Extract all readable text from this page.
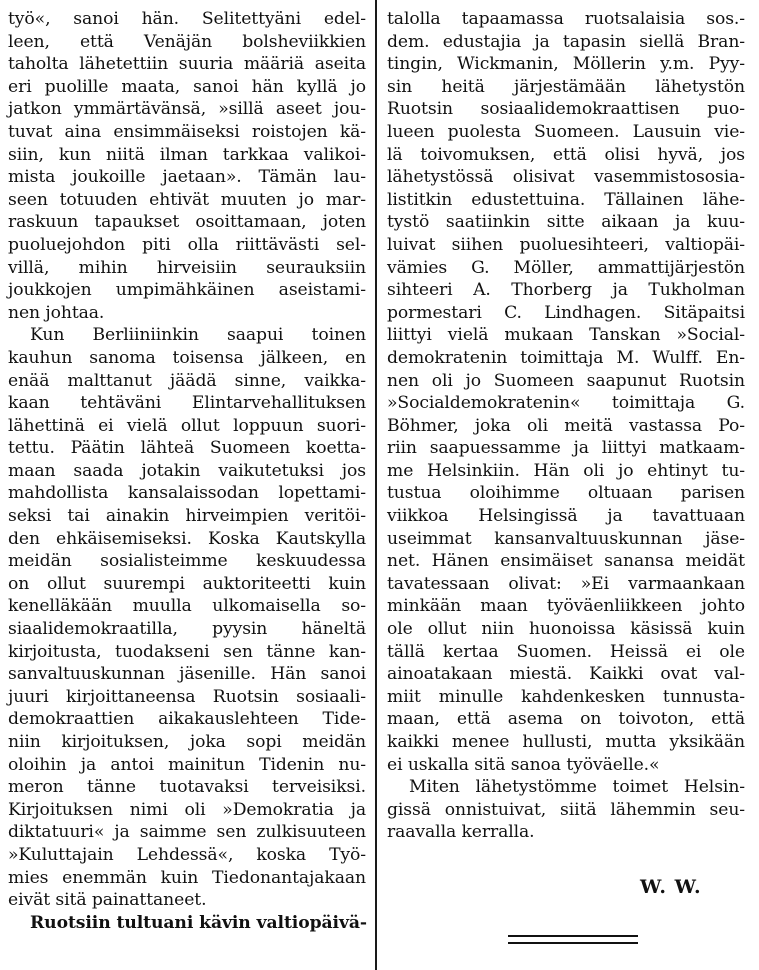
työ«, sanoi hän. Selitettyäni edel-
leen, että Venäjän bolsheviikkien
taholta lähetettiin suuria määriä aseita
eri puolille maata, sanoi hän kyllä jo
jatkon ymmärtävänsä, »sillä aseet jou-
tuvat aina ensimmäiseksi roistojen kä-
siin, kun niitä ilman tarkkaa valikoi-
mista joukoille jaetaan». Tämän lau-
seen totuuden ehtivät muuten jo mar-
raskuun tapaukset osoittamaan, joten
puoluejohdon piti olla riittävästi sel-
villä, mihin hirveisiin seurauksiin
joukkojen umpimähkäinen aseistami-
nen johtaa.
Kun Berliiniinkin saapui toinen
kauhun sanoma toisensa jälkeen, en
enää malttanut jäädä sinne, vaikka-
kaan tehtäväni Elintarvehallituksen
lähettinä ei vielä ollut loppuun suori-
tettu. Päätin lähteä Suomeen koetta-
maan saada jotakin vaikutetuksi jos
mahdollista kansalaissodan lopettami-
seksi tai ainakin hirveimpien veritöi-
den ehkäisemiseksi. Koska Kautskylla
meidän sosialisteimme keskuudessa
on ollut suurempi auktoriteetti kuin
kenelläkään muulla ulkomaisella so-
siaalidemokraatilla, pyysin häneltä
kirjoitusta, tuodakseni sen tänne kan-
sanvaltuuskunnan jäsenille. Hän sanoi
juuri kirjoittaneensa Ruotsin sosiaali-
demokraattien aikakauslehteen Tide-
niin kirjoituksen, joka sopi meidän
oloihin ja antoi mainitun Tidenin nu-
meron tänne tuotavaksi terveisiksi.
Kirjoituksen nimi oli »Demokratia ja
diktatuuri« ja saimme sen zulkisuuteen
»Kuluttajain Lehdessä«, koska Työ-
mies enemmän kuin Tiedonantajakaan
eivät sitä painattaneet.
Ruotsiin tultuani kävin valtiopäivä-
talolla tapaamassa ruotsalaisia sos.-
dem. edustajia ja tapasin siellä Bran-
tingin, Wickmanin, Möllerin y.m. Pyy-
sin heitä järjestämään lähetystön
Ruotsin sosiaalidemokraattisen puo-
lueen puolesta Suomeen. Lausuin vie-
lä toivomuksen, että olisi hyvä, jos
lähetystössä olisivat vasemmistososia-
listitkin edustettuina. Tällainen lähe-
tystö saatiinkin sitte aikaan ja kuu-
luivat siihen puoluesihteeri, valtiopäi-
vämies G. Möller, ammattijärjestön
sihteeri A. Thorberg ja Tukholman
pormestari C. Lindhagen. Sitäpaitsi
liittyi vielä mukaan Tanskan »Social-
demokratenin toimittaja M. Wulff. En-
nen oli jo Suomeen saapunut Ruotsin
»Socialdemokratenin« toimittaja G.
Böhmer, joka oli meitä vastassa Po-
riin saapuessamme ja liittyi matkaam-
me Helsinkiin. Hän oli jo ehtinyt tu-
tustua oloihimme oltuaan parisen
viikkoa Helsingissä ja tavattuaan
useimmat kansanvaltuuskunnan jäse-
net. Hänen ensimäiset sanansa meidät
tavatessaan olivat: »Ei varmaankaan
minkään maan työväenliikkeen johto
ole ollut niin huonoissa käsissä kuin
tällä kertaa Suomen. Heissä ei ole
ainoatakaan miestä. Kaikki ovat val-
miit minulle kahdenkesken tunnusta-
maan, että asema on toivoton, että
kaikki menee hullusti, mutta yksikään
ei uskalla sitä sanoa työväelle.«
Miten lähetystömme toimet Helsin-
gissä onnistuivat, siitä lähemmin seu-
raavalla kerralla.
W. W.
